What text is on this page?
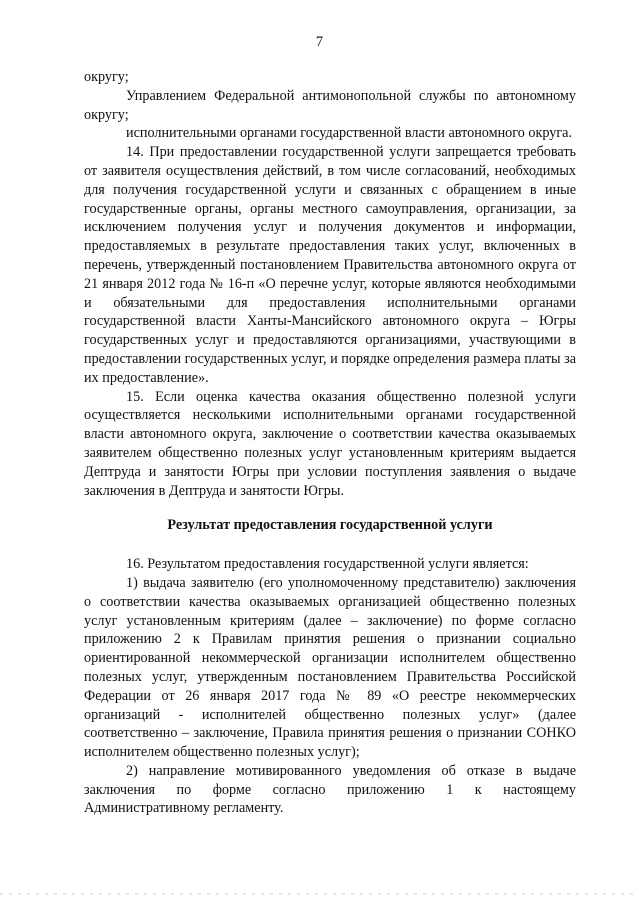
7

округу;

Управлением Федеральной антимонопольной службы по автономному округу;

исполнительными органами государственной власти автономного округа.

14. При предоставлении государственной услуги запрещается требовать от заявителя осуществления действий, в том числе согласований, необходимых для получения государственной услуги и связанных с обращением в иные государственные органы, органы местного самоуправления, организации, за исключением получения услуг и получения документов и информации, предоставляемых в результате предоставления таких услуг, включенных в перечень, утвержденный постановлением Правительства автономного округа от 21 января 2012 года № 16-п «О перечне услуг, которые являются необходимыми и обязательными для предоставления исполнительными органами государственной власти Ханты-Мансийского автономного округа – Югры государственных услуг и предоставляются организациями, участвующими в предоставлении государственных услуг, и порядке определения размера платы за их предоставление».

15. Если оценка качества оказания общественно полезной услуги осуществляется несколькими исполнительными органами государственной власти автономного округа, заключение о соответствии качества оказываемых заявителем общественно полезных услуг установленным критериям выдается Дептруда и занятости Югры при условии поступления заявления о выдаче заключения в Дептруда и занятости Югры.

Результат предоставления государственной услуги

16. Результатом предоставления государственной услуги является:

1) выдача заявителю (его уполномоченному представителю) заключения о соответствии качества оказываемых организацией общественно полезных услуг установленным критериям (далее – заключение) по форме согласно приложению 2 к Правилам принятия решения о признании социально ориентированной некоммерческой организации исполнителем общественно полезных услуг, утвержденным постановлением Правительства Российской Федерации от 26 января 2017 года № 89 «О реестре некоммерческих организаций - исполнителей общественно полезных услуг» (далее соответственно – заключение, Правила принятия решения о признании СОНКО исполнителем общественно полезных услуг);

2) направление мотивированного уведомления об отказе в выдаче заключения по форме согласно приложению 1 к настоящему Административному регламенту.
